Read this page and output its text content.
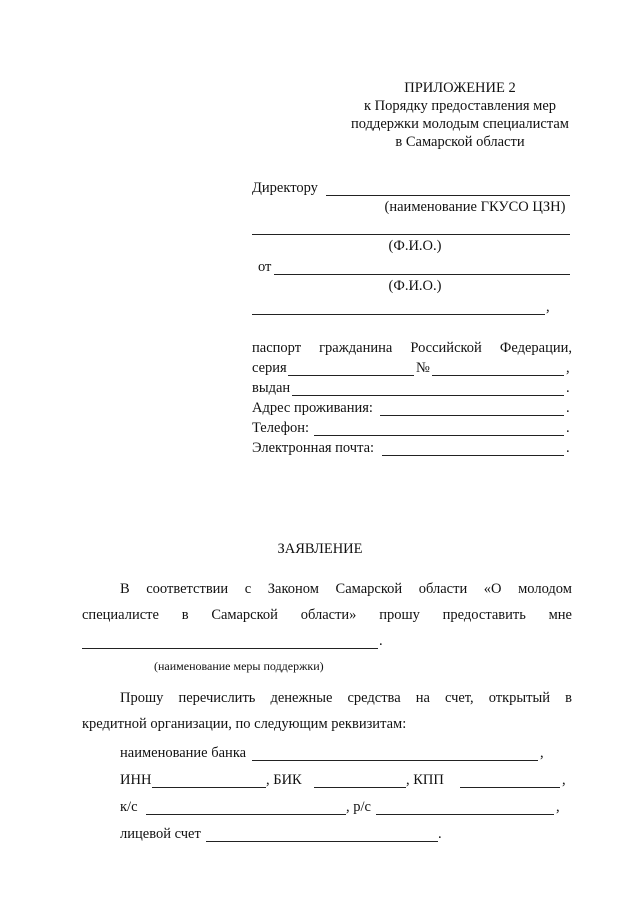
ПРИЛОЖЕНИЕ 2
к Порядку предоставления мер
поддержки молодым специалистам
в Самарской области
Директору
(наименование ГКУСО ЦЗН)
(Ф.И.О.)
от
(Ф.И.О.)
,
паспорт гражданина Российской Федерации,
серия	№	,
выдан	.
Адрес проживания:	.
Телефон:	.
Электронная почта:	.
ЗАЯВЛЕНИЕ
В соответствии с Законом Самарской области «О молодом
специалисте в Самарской области» прошу предоставить мне
.
(наименование меры поддержки)
Прошу перечислить денежные средства на счет, открытый в
кредитной организации, по следующим реквизитам:
наименование банка	,
ИНН	, БИК	, КПП	,
к/с	, р/с	,
лицевой счет	.
